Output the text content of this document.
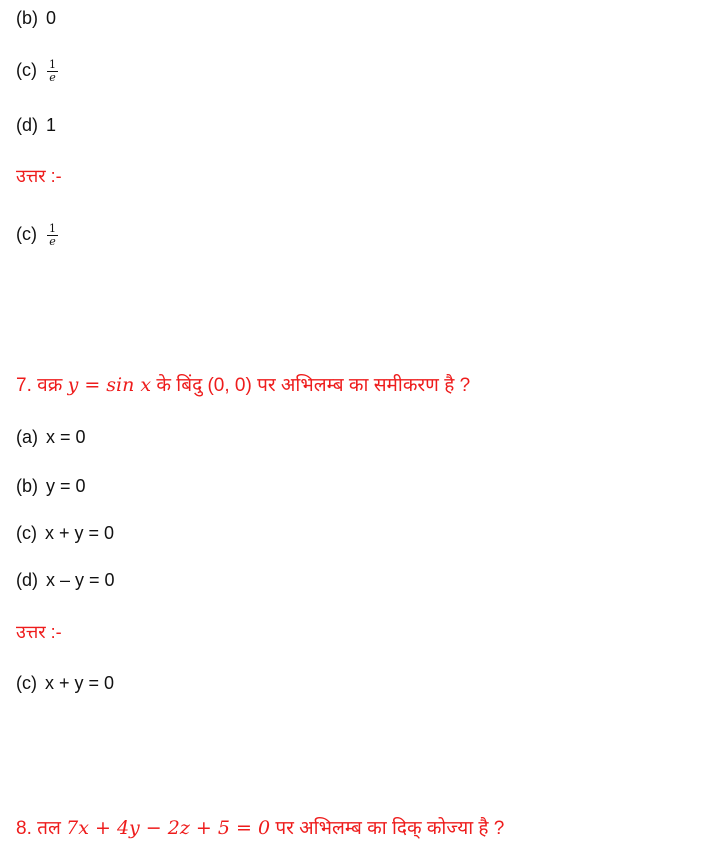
(b) 0
$(c) \frac{1}{e}$
(d) 1
उत्तर :-
$(c) \frac{1}{e}$
7. वक्र y = sin x के बिंदु (0, 0) पर अभिलम्ब का समीकरण है ?
(a) x = 0
(b) y = 0
(c) x + y = 0
(d) x – y = 0
उत्तर :-
(c) x + y = 0
8. तल 7x + 4y − 2z + 5 = 0 पर अभिलम्ब का दिक् कोज्या है ?
